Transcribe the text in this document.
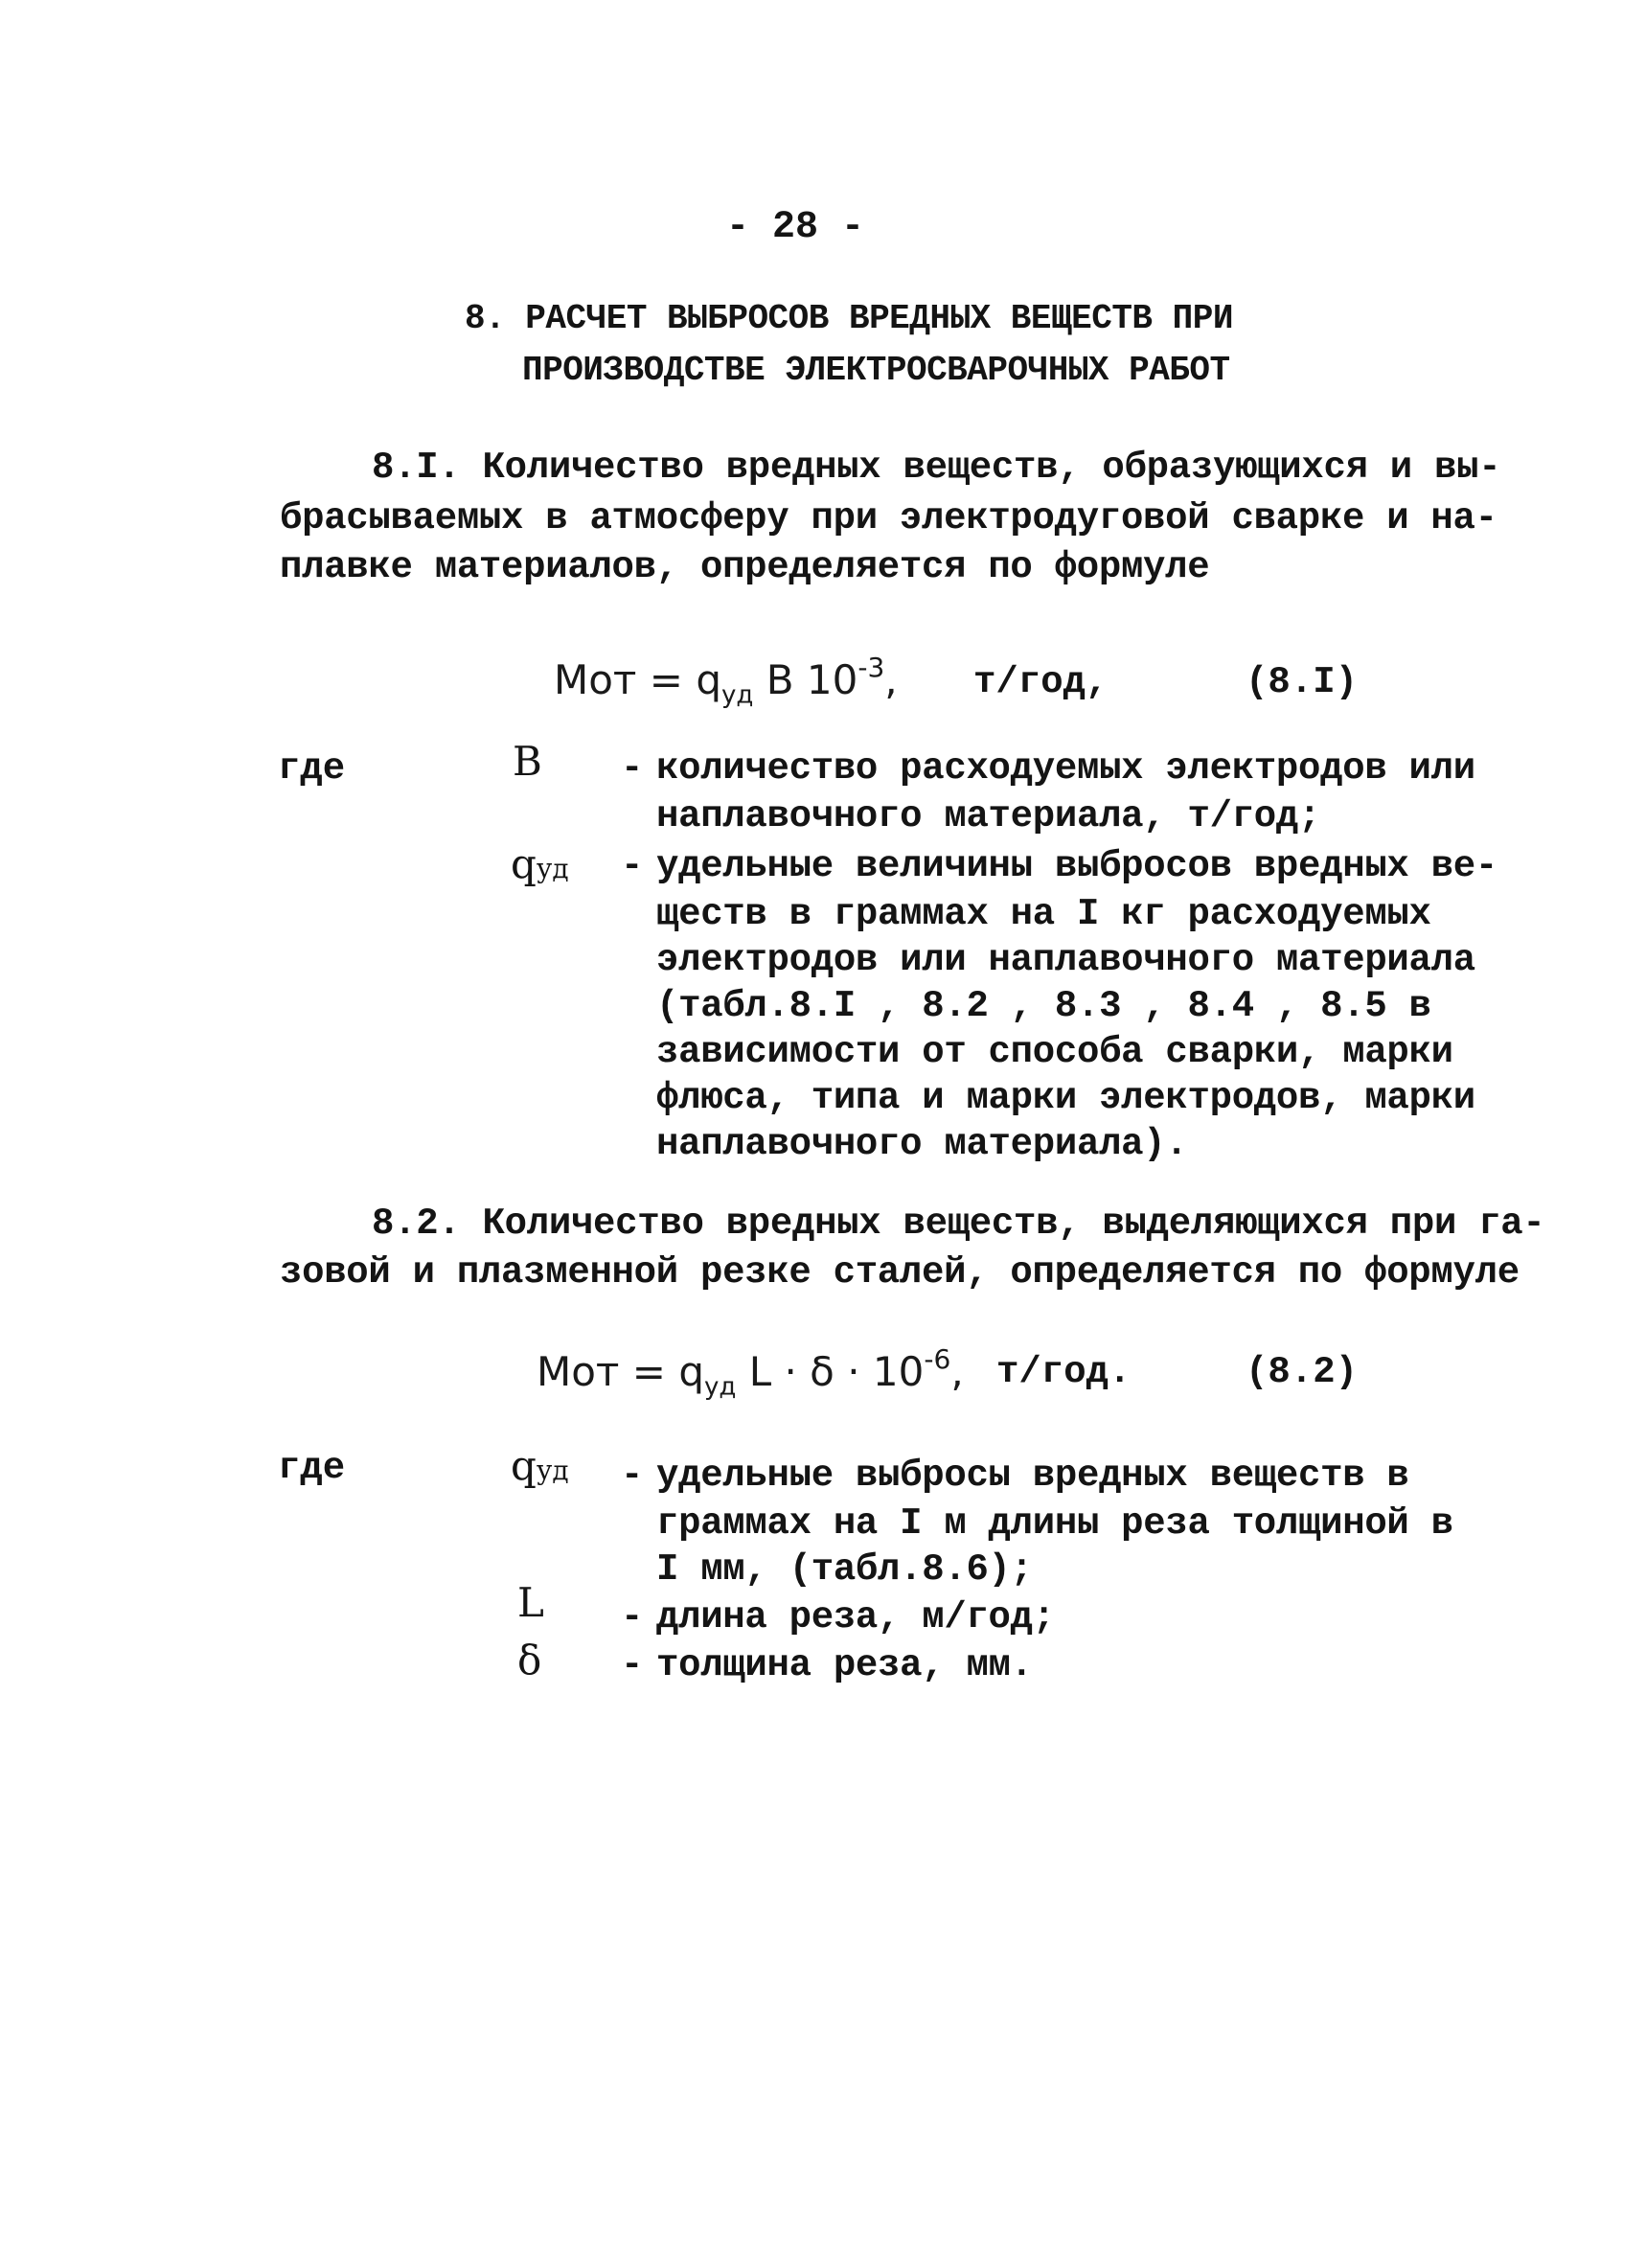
- 28 -
8. РАСЧЕТ ВЫБРОСОВ ВРЕДНЫХ ВЕЩЕСТВ ПРИ
ПРОИЗВОДСТВЕ ЭЛЕКТРОСВАРОЧНЫХ РАБОТ
8.I. Количество вредных веществ, образующихся и вы-
брасываемых в атмосферу при электродуговой сварке и на-
плавке материалов, определяется по формуле
Мот = $q_{уд}$ B $10^{-3}$, т/год,	(8.I)
где	B - количество расходуемых электродов или
наплавочного материала, т/год;
qуд - удельные величины выбросов вредных ве-
ществ в граммах на I кг расходуемых
электродов или наплавочного материала
(табл.8.I , 8.2 , 8.3 , 8.4 , 8.5 в
зависимости от способа сварки, марки
флюса, типа и марки электродов, марки
наплавочного материала).
8.2. Количество вредных веществ, выделяющихся при га-
зовой и плазменной резке сталей, определяется по формуле
Мот = $q_{уд}$ $L \cdot \delta \cdot 10^{-6}$, т/год.	(8.2)
где	qуд - удельные выбросы вредных веществ в
граммах на I м длины реза толщиной в
I мм, (табл.8.6);
L - длина реза, м/год;
δ - толщина реза, мм.
